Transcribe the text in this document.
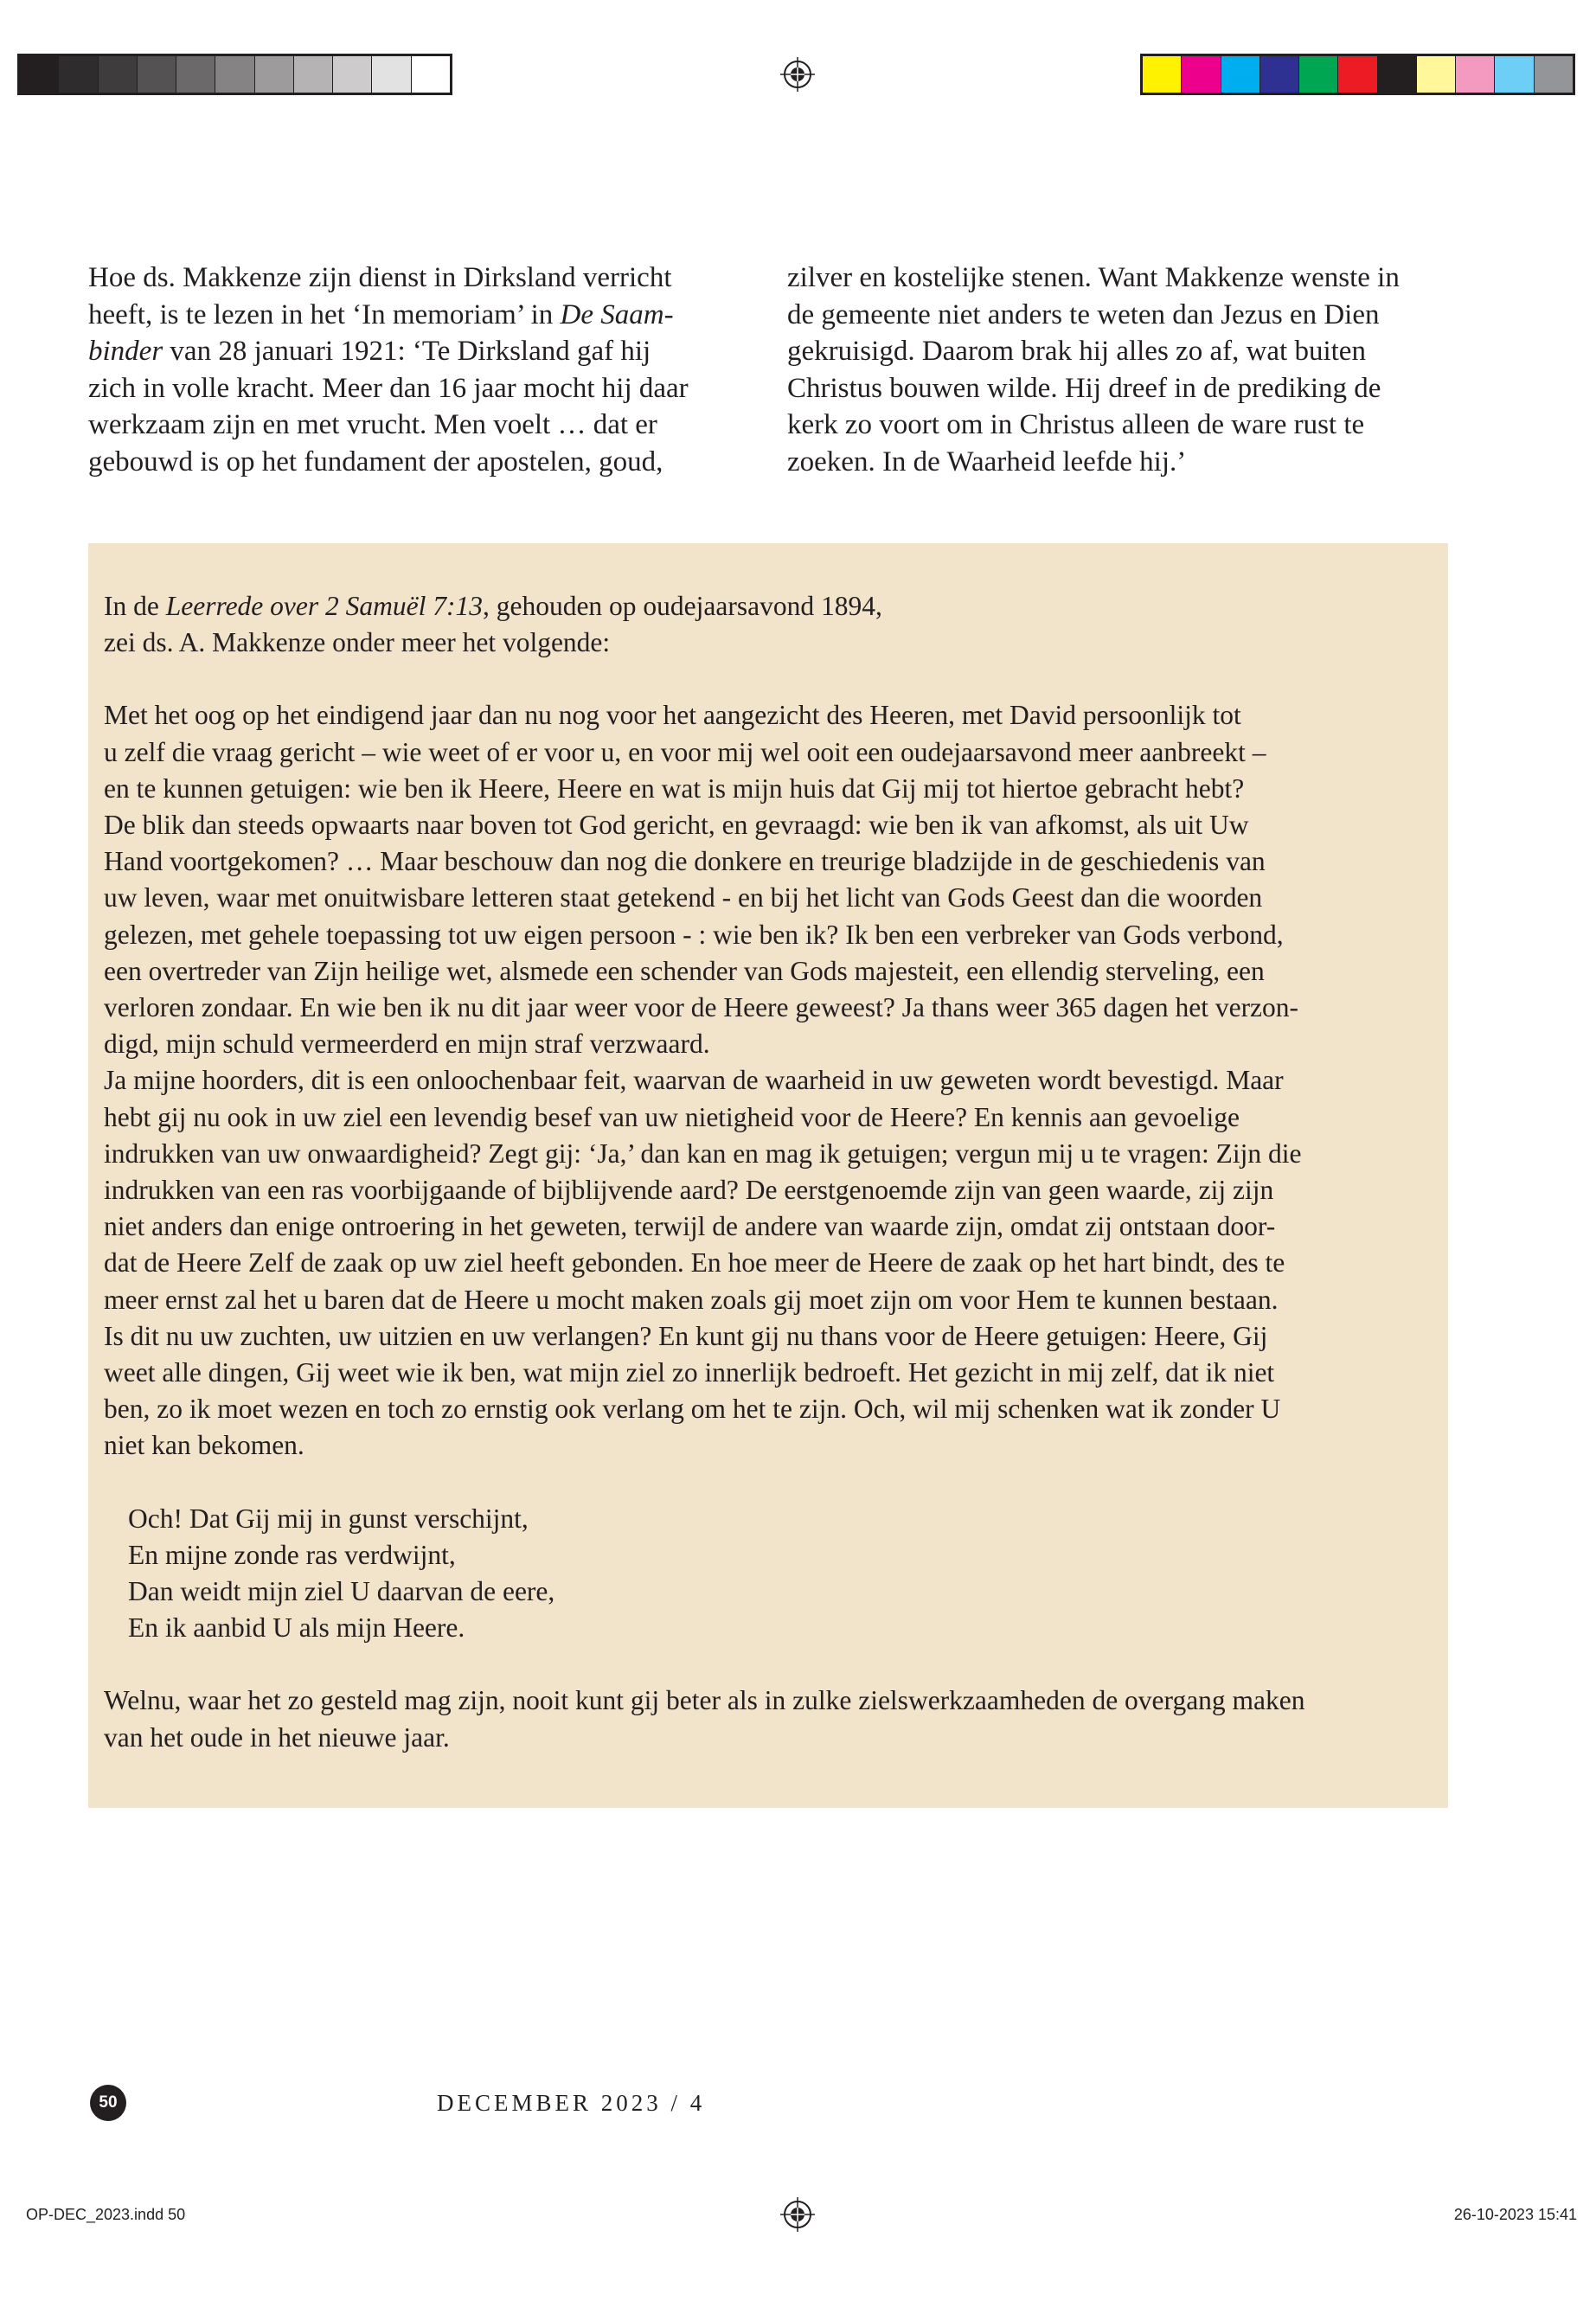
Hoe ds. Makkenze zijn dienst in Dirksland verricht

heeft, is te lezen in het ‘In memoriam’ in De Saam-

binder van 28 januari 1921: ‘Te Dirksland gaf hij

zich in volle kracht. Meer dan 16 jaar mocht hij daar

werkzaam zijn en met vrucht. Men voelt … dat er

gebouwd is op het fundament der apostelen, goud,

zilver en kostelijke stenen. Want Makkenze wenste in

de gemeente niet anders te weten dan Jezus en Dien

gekruisigd. Daarom brak hij alles zo af, wat buiten

Christus bouwen wilde. Hij dreef in de prediking de

kerk zo voort om in Christus alleen de ware rust te

zoeken. In de Waarheid leefde hij.’

In de Leerrede over 2 Samuël 7:13, gehouden op oudejaarsavond 1894,

zei ds. A. Makkenze onder meer het volgende:

Met het oog op het eindigend jaar dan nu nog voor het aangezicht des Heeren, met David persoonlijk tot

u zelf die vraag gericht – wie weet of er voor u, en voor mij wel ooit een oudejaarsavond meer aanbreekt –

en te kunnen getuigen: wie ben ik Heere, Heere en wat is mijn huis dat Gij mij tot hiertoe gebracht hebt?

De blik dan steeds opwaarts naar boven tot God gericht, en gevraagd: wie ben ik van afkomst, als uit Uw

Hand voortgekomen? … Maar beschouw dan nog die donkere en treurige bladzijde in de geschiedenis van

uw leven, waar met onuitwisbare letteren staat getekend - en bij het licht van Gods Geest dan die woorden

gelezen, met gehele toepassing tot uw eigen persoon - : wie ben ik? Ik ben een verbreker van Gods verbond,

een overtreder van Zijn heilige wet, alsmede een schender van Gods majesteit, een ellendig sterveling, een

verloren zondaar. En wie ben ik nu dit jaar weer voor de Heere geweest? Ja thans weer 365 dagen het verzon-

digd, mijn schuld vermeerderd en mijn straf verzwaard.

Ja mijne hoorders, dit is een onloochenbaar feit, waarvan de waarheid in uw geweten wordt bevestigd. Maar

hebt gij nu ook in uw ziel een levendig besef van uw nietigheid voor de Heere? En kennis aan gevoelige

indrukken van uw onwaardigheid? Zegt gij: ‘Ja,’ dan kan en mag ik getuigen; vergun mij u te vragen: Zijn die

indrukken van een ras voorbijgaande of bijblijvende aard? De eerstgenoemde zijn van geen waarde, zij zijn

niet anders dan enige ontroering in het geweten, terwijl de andere van waarde zijn, omdat zij ontstaan door-

dat de Heere Zelf de zaak op uw ziel heeft gebonden. En hoe meer de Heere de zaak op het hart bindt, des te

meer ernst zal het u baren dat de Heere u mocht maken zoals gij moet zijn om voor Hem te kunnen bestaan.

Is dit nu uw zuchten, uw uitzien en uw verlangen? En kunt gij nu thans voor de Heere getuigen: Heere, Gij

weet alle dingen, Gij weet wie ik ben, wat mijn ziel zo innerlijk bedroeft. Het gezicht in mij zelf, dat ik niet

ben, zo ik moet wezen en toch zo ernstig ook verlang om het te zijn. Och, wil mij schenken wat ik zonder U

niet kan bekomen.

Och! Dat Gij mij in gunst verschijnt,

En mijne zonde ras verdwijnt,

Dan weidt mijn ziel U daarvan de eere,

En ik aanbid U als mijn Heere.

Welnu, waar het zo gesteld mag zijn, nooit kunt gij beter als in zulke zielswerkzaamheden de overgang maken

van het oude in het nieuwe jaar.

50	DECEMBER 2023 / 4
OP-DEC_2023.indd 50	26-10-2023 15:41
